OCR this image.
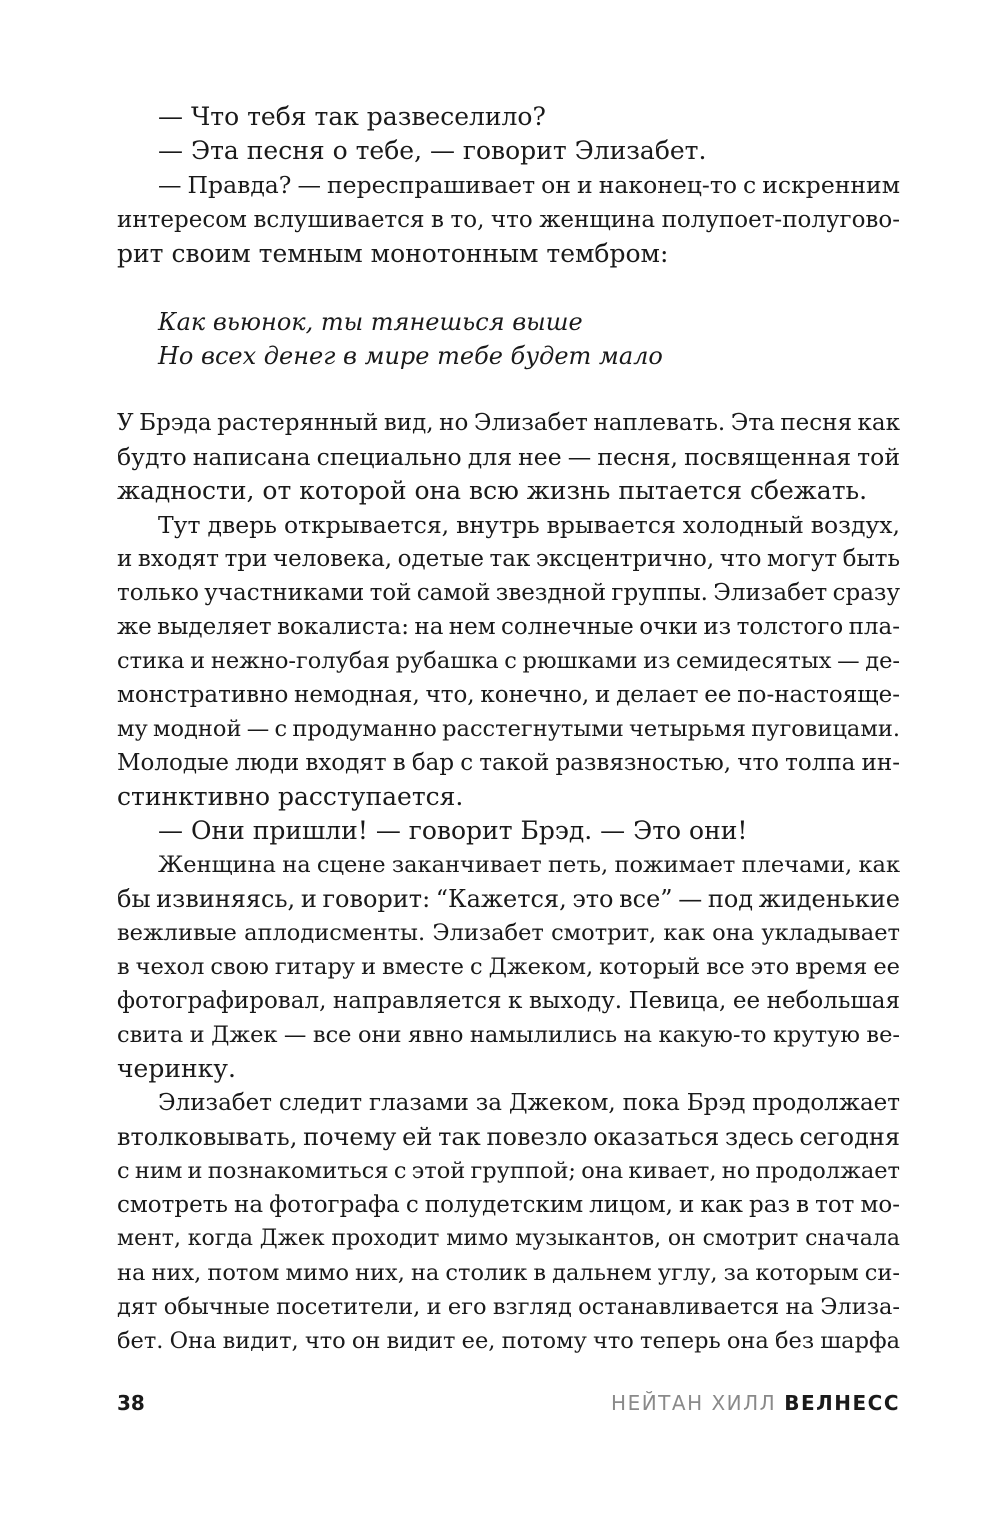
— Что тебя так развеселило?
— Эта песня о тебе, — говорит Элизабет.
— Правда? — переспрашивает он и наконец-то с искренним
интересом вслушивается в то, что женщина полупоет-полугово-
рит своим темным монотонным тембром:
Как вьюнок, ты тянешься выше
Но всех денег в мире тебе будет мало
У Брэда растерянный вид, но Элизабет наплевать. Эта песня как
будто написана специально для нее — песня, посвященная той
жадности, от которой она всю жизнь пытается сбежать.
Тут дверь открывается, внутрь врывается холодный воздух,
и входят три человека, одетые так эксцентрично, что могут быть
только участниками той самой звездной группы. Элизабет сразу
же выделяет вокалиста: на нем солнечные очки из толстого пла-
стика и нежно-голубая рубашка с рюшками из семидесятых — де-
монстративно немодная, что, конечно, и делает ее по-настояще-
му модной — с продуманно расстегнутыми четырьмя пуговицами.
Молодые люди входят в бар с такой развязностью, что толпа ин-
стинктивно расступается.
— Они пришли! — говорит Брэд. — Это они!
Женщина на сцене заканчивает петь, пожимает плечами, как
бы извиняясь, и говорит: “Кажется, это все” — под жиденькие
вежливые аплодисменты. Элизабет смотрит, как она укладывает
в чехол свою гитару и вместе с Джеком, который все это время ее
фотографировал, направляется к выходу. Певица, ее небольшая
свита и Джек — все они явно намылились на какую-то крутую ве-
черинку.
Элизабет следит глазами за Джеком, пока Брэд продолжает
втолковывать, почему ей так повезло оказаться здесь сегодня
с ним и познакомиться с этой группой; она кивает, но продолжает
смотреть на фотографа с полудетским лицом, и как раз в тот мо-
мент, когда Джек проходит мимо музыкантов, он смотрит сначала
на них, потом мимо них, на столик в дальнем углу, за которым си-
дят обычные посетители, и его взгляд останавливается на Элиза-
бет. Она видит, что он видит ее, потому что теперь она без шарфа
38	НЕЙТАН ХИЛЛ ВЕЛНЕСС
